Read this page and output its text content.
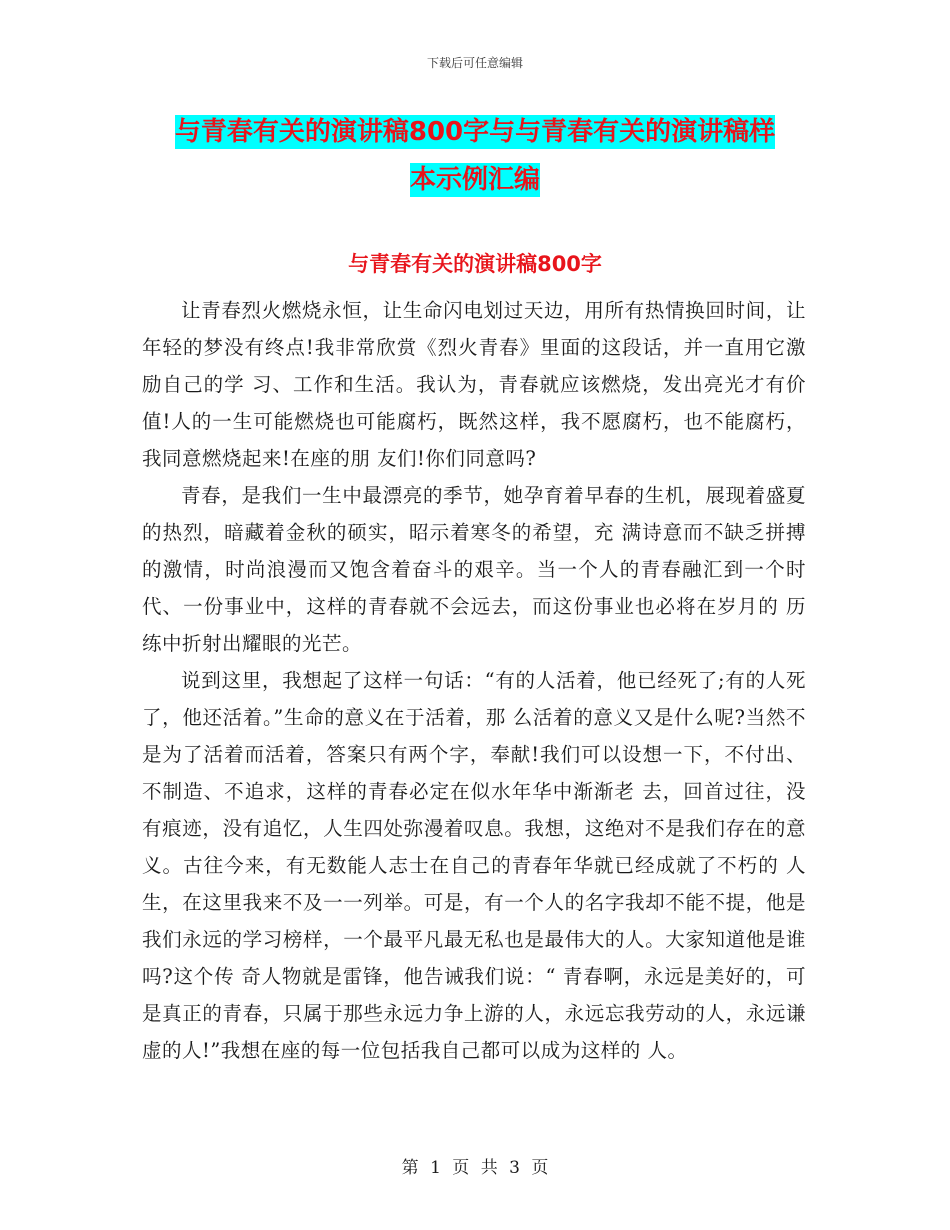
下载后可任意编辑
与青春有关的演讲稿800字与与青春有关的演讲稿样
本示例汇编
与青春有关的演讲稿800字

让青春烈火燃烧永恒，让生命闪电划过天边，用所有热情换回时间，让年轻的梦没有终点!我非常欣赏《烈火青春》里面的这段话，并一直用它激励自己的学 习、工作和生活。我认为，青春就应该燃烧，发出亮光才有价值!人的一生可能燃烧也可能腐朽，既然这样，我不愿腐朽，也不能腐朽，我同意燃烧起来!在座的朋 友们!你们同意吗?

青春，是我们一生中最漂亮的季节，她孕育着早春的生机，展现着盛夏的热烈，暗藏着金秋的硕实，昭示着寒冬的希望，充 满诗意而不缺乏拼搏的激情，时尚浪漫而又饱含着奋斗的艰辛。当一个人的青春融汇到一个时代、一份事业中，这样的青春就不会远去，而这份事业也必将在岁月的 历练中折射出耀眼的光芒。

说到这里，我想起了这样一句话：“有的人活着，他已经死了;有的人死了，他还活着。”生命的意义在于活着，那 么活着的意义又是什么呢?当然不是为了活着而活着，答案只有两个字，奉献!我们可以设想一下，不付出、不制造、不追求，这样的青春必定在似水年华中渐渐老 去，回首过往，没有痕迹，没有追忆，人生四处弥漫着叹息。我想，这绝对不是我们存在的意义。古往今来，有无数能人志士在自己的青春年华就已经成就了不朽的 人生，在这里我来不及一一列举。可是，有一个人的名字我却不能不提，他是我们永远的学习榜样，一个最平凡最无私也是最伟大的人。大家知道他是谁吗?这个传 奇人物就是雷锋，他告诫我们说：“ 青春啊，永远是美好的，可是真正的青春，只属于那些永远力争上游的人，永远忘我劳动的人，永远谦虚的人!”我想在座的每一位包括我自己都可以成为这样的 人。

第 1 页 共 3 页
